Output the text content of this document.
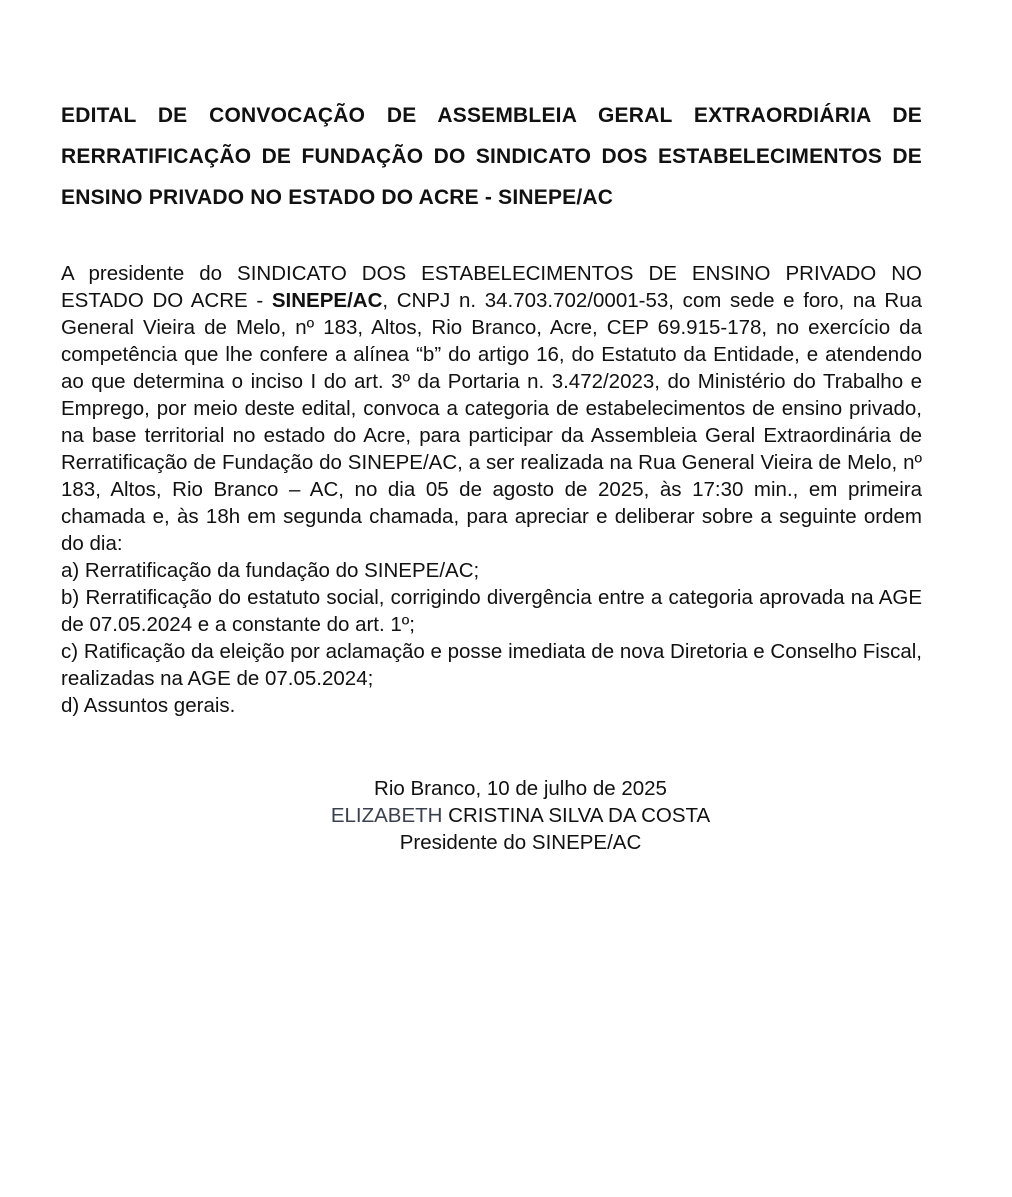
EDITAL DE CONVOCAÇÃO DE ASSEMBLEIA GERAL EXTRAORDIÁRIA DE RERRATIFICAÇÃO DE FUNDAÇÃO DO SINDICATO DOS ESTABELECIMENTOS DE ENSINO PRIVADO NO ESTADO DO ACRE - SINEPE/AC

A presidente do SINDICATO DOS ESTABELECIMENTOS DE ENSINO PRIVADO NO ESTADO DO ACRE - SINEPE/AC, CNPJ n. 34.703.702/0001-53, com sede e foro, na Rua General Vieira de Melo, nº 183, Altos, Rio Branco, Acre, CEP 69.915-178, no exercício da competência que lhe confere a alínea “b” do artigo 16, do Estatuto da Entidade, e atendendo ao que determina o inciso I do art. 3º da Portaria n. 3.472/2023, do Ministério do Trabalho e Emprego, por meio deste edital, convoca a categoria de estabelecimentos de ensino privado, na base territorial no estado do Acre, para participar da Assembleia Geral Extraordinária de Rerratificação de Fundação do SINEPE/AC, a ser realizada na Rua General Vieira de Melo, nº 183, Altos, Rio Branco – AC, no dia 05 de agosto de 2025, às 17:30 min., em primeira chamada e, às 18h em segunda chamada, para apreciar e deliberar sobre a seguinte ordem do dia:

a) Rerratificação da fundação do SINEPE/AC;

b) Rerratificação do estatuto social, corrigindo divergência entre a categoria aprovada na AGE de 07.05.2024 e a constante do art. 1º;

c) Ratificação da eleição por aclamação e posse imediata de nova Diretoria e Conselho Fiscal, realizadas na AGE de 07.05.2024;

d) Assuntos gerais.

Rio Branco, 10 de julho de 2025
ELIZABETH CRISTINA SILVA DA COSTA
Presidente do SINEPE/AC
